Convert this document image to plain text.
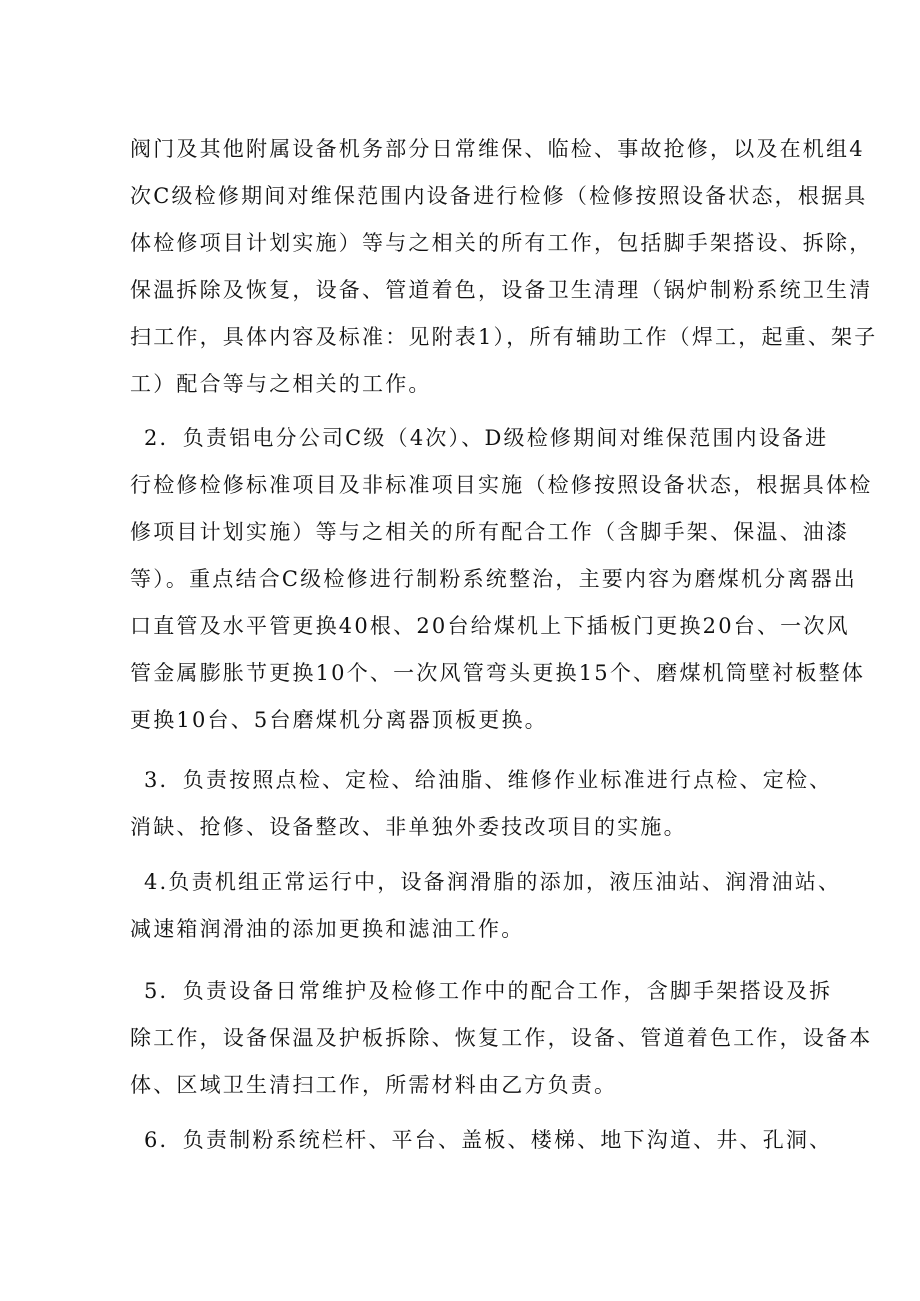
阀门及其他附属设备机务部分日常维保、临检、事故抢修，以及在机组4
次C级检修期间对维保范围内设备进行检修（检修按照设备状态，根据具
体检修项目计划实施）等与之相关的所有工作，包括脚手架搭设、拆除，
保温拆除及恢复，设备、管道着色，设备卫生清理（锅炉制粉系统卫生清
扫工作，具体内容及标准：见附表1），所有辅助工作（焊工，起重、架子
工）配合等与之相关的工作。
2．负责铝电分公司C级（4次）、D级检修期间对维保范围内设备进
行检修检修标准项目及非标准项目实施（检修按照设备状态，根据具体检
修项目计划实施）等与之相关的所有配合工作（含脚手架、保温、油漆
等）。重点结合C级检修进行制粉系统整治，主要内容为磨煤机分离器出
口直管及水平管更换40根、20台给煤机上下插板门更换20台、一次风
管金属膨胀节更换10个、一次风管弯头更换15个、磨煤机筒壁衬板整体
更换10台、5台磨煤机分离器顶板更换。
3．负责按照点检、定检、给油脂、维修作业标准进行点检、定检、
消缺、抢修、设备整改、非单独外委技改项目的实施。
4.负责机组正常运行中，设备润滑脂的添加，液压油站、润滑油站、
减速箱润滑油的添加更换和滤油工作。
5．负责设备日常维护及检修工作中的配合工作，含脚手架搭设及拆
除工作，设备保温及护板拆除、恢复工作，设备、管道着色工作，设备本
体、区域卫生清扫工作，所需材料由乙方负责。
6．负责制粉系统栏杆、平台、盖板、楼梯、地下沟道、井、孔洞、
